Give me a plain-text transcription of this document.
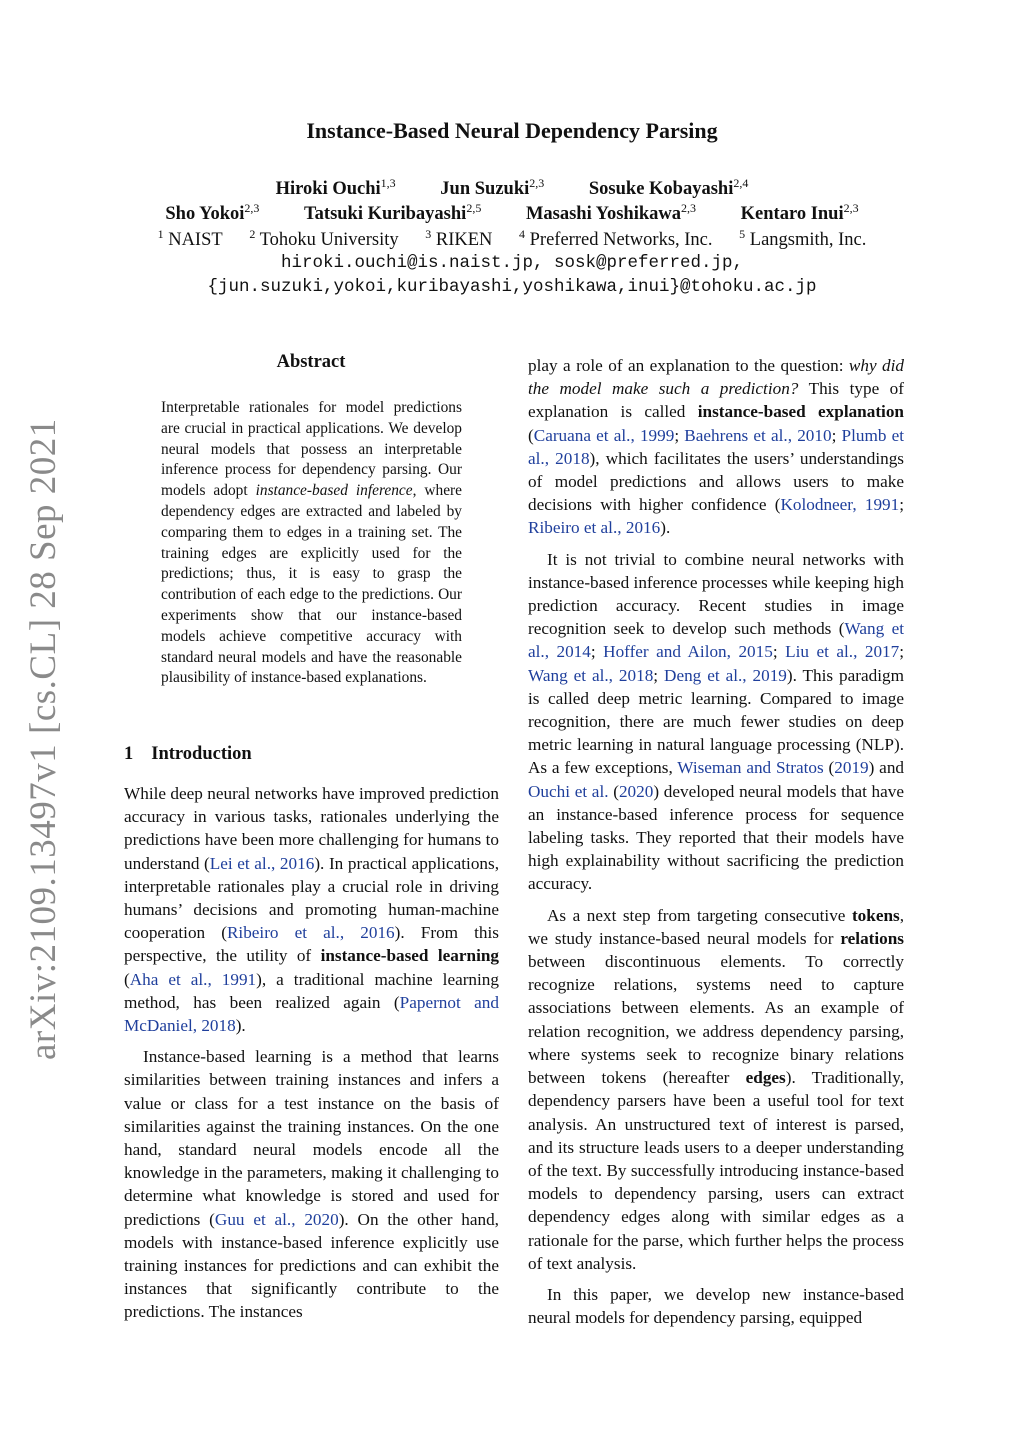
arXiv:2109.13497v1 [cs.CL] 28 Sep 2021
Instance-Based Neural Dependency Parsing
Hiroki Ouchi$^{1,3}$ Jun Suzuki$^{2,3}$ Sosuke Kobayashi$^{2,4}$
Sho Yokoi$^{2,3}$ Tatsuki Kuribayashi$^{2,5}$ Masashi Yoshikawa$^{2,3}$ Kentaro Inui$^{2,3}$
$^1$ NAIST $^2$ Tohoku University $^3$ RIKEN $^4$ Preferred Networks, Inc. $^5$ Langsmith, Inc.
hiroki.ouchi@is.naist.jp, sosk@preferred.jp,
{jun.suzuki,yokoi,kuribayashi,yoshikawa,inui}@tohoku.ac.jp
Abstract
Interpretable rationales for model predictions are crucial in practical applications. We develop neural models that possess an interpretable inference process for dependency parsing. Our models adopt instance-based inference, where dependency edges are extracted and labeled by comparing them to edges in a training set. The training edges are explicitly used for the predictions; thus, it is easy to grasp the contribution of each edge to the predictions. Our experiments show that our instance-based models achieve competitive accuracy with standard neural models and have the reasonable plausibility of instance-based explanations.
1 Introduction

While deep neural networks have improved prediction accuracy in various tasks, rationales underlying the predictions have been more challenging for humans to understand (Lei et al., 2016). In practical applications, interpretable rationales play a crucial role in driving humans’ decisions and promoting human-machine cooperation (Ribeiro et al., 2016). From this perspective, the utility of instance-based learning (Aha et al., 1991), a traditional machine learning method, has been realized again (Papernot and McDaniel, 2018).

Instance-based learning is a method that learns similarities between training instances and infers a value or class for a test instance on the basis of similarities against the training instances. On the one hand, standard neural models encode all the knowledge in the parameters, making it challenging to determine what knowledge is stored and used for predictions (Guu et al., 2020). On the other hand, models with instance-based inference explicitly use training instances for predictions and can exhibit the instances that significantly contribute to the predictions. The instances

play a role of an explanation to the question: why did the model make such a prediction? This type of explanation is called instance-based explanation (Caruana et al., 1999; Baehrens et al., 2010; Plumb et al., 2018), which facilitates the users’ understandings of model predictions and allows users to make decisions with higher confidence (Kolodneer, 1991; Ribeiro et al., 2016).

It is not trivial to combine neural networks with instance-based inference processes while keeping high prediction accuracy. Recent studies in image recognition seek to develop such methods (Wang et al., 2014; Hoffer and Ailon, 2015; Liu et al., 2017; Wang et al., 2018; Deng et al., 2019). This paradigm is called deep metric learning. Compared to image recognition, there are much fewer studies on deep metric learning in natural language processing (NLP). As a few exceptions, Wiseman and Stratos (2019) and Ouchi et al. (2020) developed neural models that have an instance-based inference process for sequence labeling tasks. They reported that their models have high explainability without sacrificing the prediction accuracy.

As a next step from targeting consecutive tokens, we study instance-based neural models for relations between discontinuous elements. To correctly recognize relations, systems need to capture associations between elements. As an example of relation recognition, we address dependency parsing, where systems seek to recognize binary relations between tokens (hereafter edges). Traditionally, dependency parsers have been a useful tool for text analysis. An unstructured text of interest is parsed, and its structure leads users to a deeper understanding of the text. By successfully introducing instance-based models to dependency parsing, users can extract dependency edges along with similar edges as a rationale for the parse, which further helps the process of text analysis.

In this paper, we develop new instance-based neural models for dependency parsing, equipped
